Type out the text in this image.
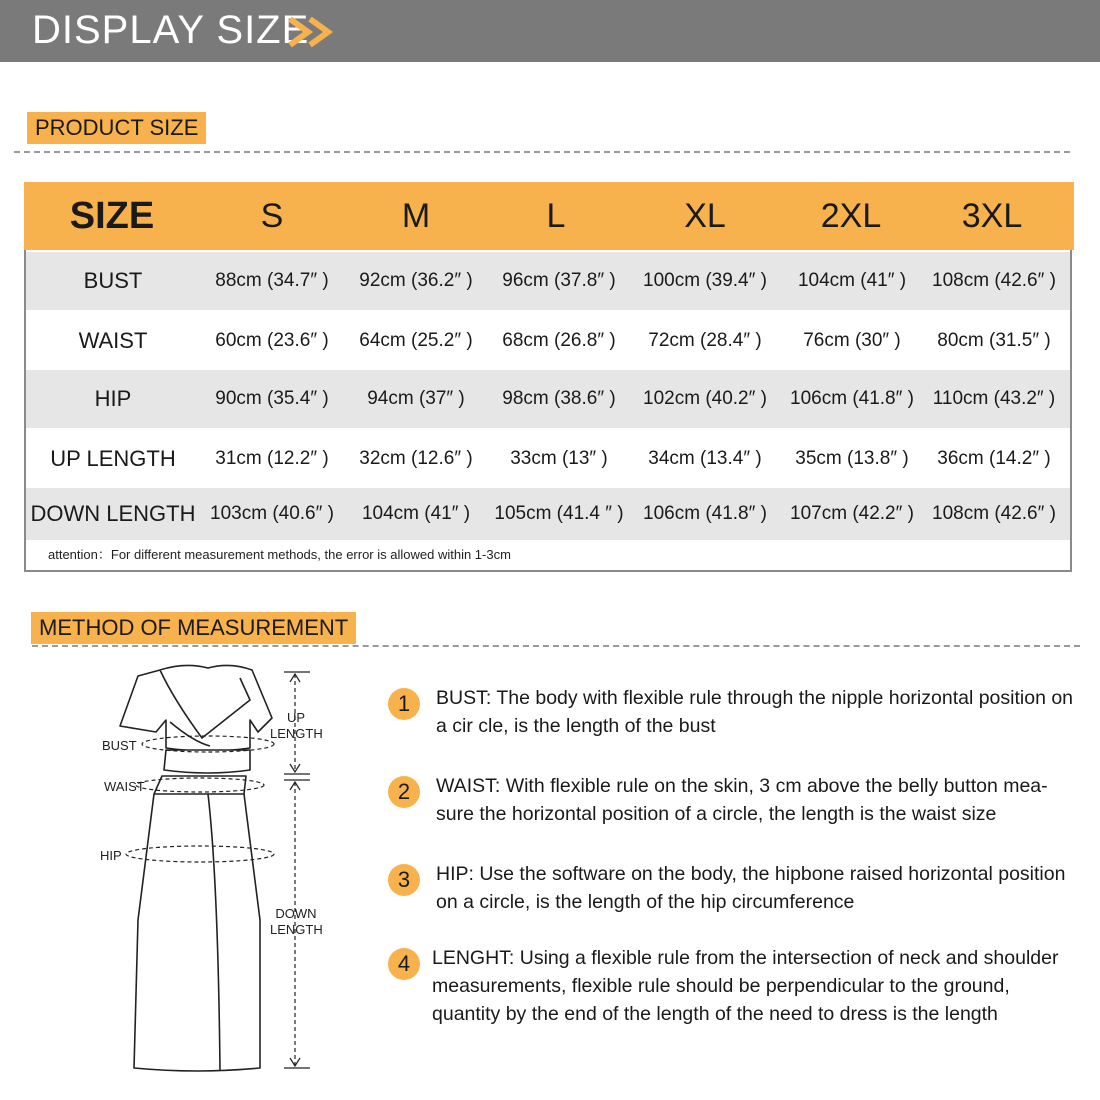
DISPLAY SIZE
PRODUCT SIZE
SIZE	S	M	L	XL	2XL	3XL
BUST	88cm (34.7″ )	92cm (36.2″ )	96cm (37.8″ )	100cm (39.4″ )	104cm (41″ )	108cm (42.6″ )
WAIST	60cm (23.6″ )	64cm (25.2″ )	68cm (26.8″ )	72cm (28.4″ )	76cm (30″ )	80cm (31.5″ )
HIP	90cm (35.4″ )	94cm (37″ )	98cm (38.6″ )	102cm (40.2″ )	106cm (41.8″ ) 110cm (43.2″ )
UP LENGTH	31cm (12.2″ )	32cm (12.6″ )	33cm (13″ )	34cm (13.4″ )	35cm (13.8″ )	36cm (14.2″ )
DOWN LENGTH 103cm (40.6″ )	104cm (41″ )	105cm (41.4 ″ )	106cm (41.8″ )	107cm (42.2″ ) 108cm (42.6″ )
attention：For different measurement methods, the error is allowed within 1-3cm
METHOD OF MEASUREMENT
BUST
WAIST
HIP
UP
LENGTH
DOWN
LENGTH
1	BUST: The body with flexible rule through the nipple horizontal position on a cir cle, is the length of the bust
2	WAIST: With flexible rule on the skin, 3 cm above the belly button mea-sure the horizontal position of a circle, the length is the waist size
3	HIP: Use the software on the body, the hipbone raised horizontal position on a circle, is the length of the hip circumference
4	LENGHT: Using a flexible rule from the intersection of neck and shoulder measurements, flexible rule should be perpendicular to the ground, quantity by the end of the length of the need to dress is the length
